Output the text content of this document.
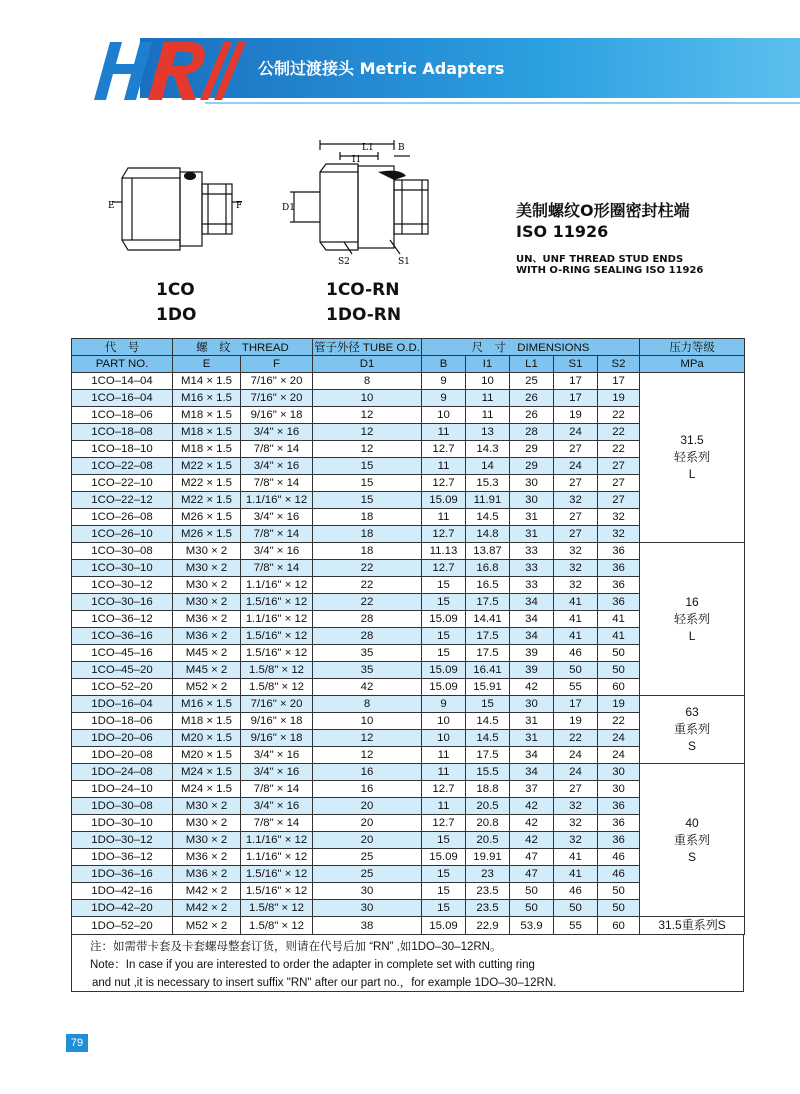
公制过渡接头 Metric Adapters
E	F
L1
I1
B
D1
S2	S1
1CO
1DO
1CO-RN
1DO-RN
美制螺纹O形圈密封柱端
ISO 11926
UN、UNF THREAD STUD ENDS
WITH O-RING SEALING ISO 11926
代　号	螺　纹　THREAD		管子外径 TUBE O.D.	尺　寸　DIMENSIONS					压力等级
PART NO.	E	F	D1	B	I1	L1	S1	S2	MPa
1CO–14–04	M14 × 1.5	7/16" × 20	8	9	10	25	17	17	31.5
轻系列
L

1CO–16–04	M16 × 1.5	7/16" × 20	10	9	11	26	17	19	
1CO–18–06	M18 × 1.5	9/16" × 18	12	10	11	26	19	22	
1CO–18–08	M18 × 1.5	3/4" × 16	12	11	13	28	24	22	
1CO–18–10	M18 × 1.5	7/8" × 14	12	12.7	14.3	29	27	22	
1CO–22–08	M22 × 1.5	3/4" × 16	15	11	14	29	24	27	
1CO–22–10	M22 × 1.5	7/8" × 14	15	12.7	15.3	30	27	27	
1CO–22–12	M22 × 1.5	1.1/16" × 12	15	15.09	11.91	30	32	27	
1CO–26–08	M26 × 1.5	3/4" × 16	18	11	14.5	31	27	32	
1CO–26–10	M26 × 1.5	7/8" × 14	18	12.7	14.8	31	27	32	
1CO–30–08	M30 × 2	3/4" × 16	18	11.13	13.87	33	32	36	16
轻系列
L

1CO–30–10	M30 × 2	7/8" × 14	22	12.7	16.8	33	32	36	
1CO–30–12	M30 × 2	1.1/16" × 12	22	15	16.5	33	32	36	
1CO–30–16	M30 × 2	1.5/16" × 12	22	15	17.5	34	41	36	
1CO–36–12	M36 × 2	1.1/16" × 12	28	15.09	14.41	34	41	41	
1CO–36–16	M36 × 2	1.5/16" × 12	28	15	17.5	34	41	41	
1CO–45–16	M45 × 2	1.5/16" × 12	35	15	17.5	39	46	50	
1CO–45–20	M45 × 2	1.5/8" × 12	35	15.09	16.41	39	50	50	
1CO–52–20	M52 × 2	1.5/8" × 12	42	15.09	15.91	42	55	60	
1DO–16–04	M16 × 1.5	7/16" × 20	8	9	15	30	17	19	63
重系列
S

1DO–18–06	M18 × 1.5	9/16" × 18	10	10	14.5	31	19	22	
1DO–20–06	M20 × 1.5	9/16" × 18	12	10	14.5	31	22	24	
1DO–20–08	M20 × 1.5	3/4" × 16	12	11	17.5	34	24	24	
1DO–24–08	M24 × 1.5	3/4" × 16	16	11	15.5	34	24	30	40
重系列
S

1DO–24–10	M24 × 1.5	7/8" × 14	16	12.7	18.8	37	27	30	
1DO–30–08	M30 × 2	3/4" × 16	20	11	20.5	42	32	36	
1DO–30–10	M30 × 2	7/8" × 14	20	12.7	20.8	42	32	36	
1DO–30–12	M30 × 2	1.1/16" × 12	20	15	20.5	42	32	36	
1DO–36–12	M36 × 2	1.1/16" × 12	25	15.09	19.91	47	41	46	
1DO–36–16	M36 × 2	1.5/16" × 12	25	15	23	47	41	46	
1DO–42–16	M42 × 2	1.5/16" × 12	30	15	23.5	50	46	50	
1DO–42–20	M42 × 2	1.5/8" × 12	30	15	23.5	50	50	50	
1DO–52–20	M52 × 2	1.5/8" × 12	38	15.09	22.9	53.9	55	60	31.5重系列S
注：如需带卡套及卡套螺母整套订货，则请在代号后加 “RN” ,如1DO–30–12RN。
Note：In case if you are interested to order the adapter in complete set with cutting ring
and nut ,it is necessary to insert suffix "RN" after our part no.，for example 1DO–30–12RN.
79
